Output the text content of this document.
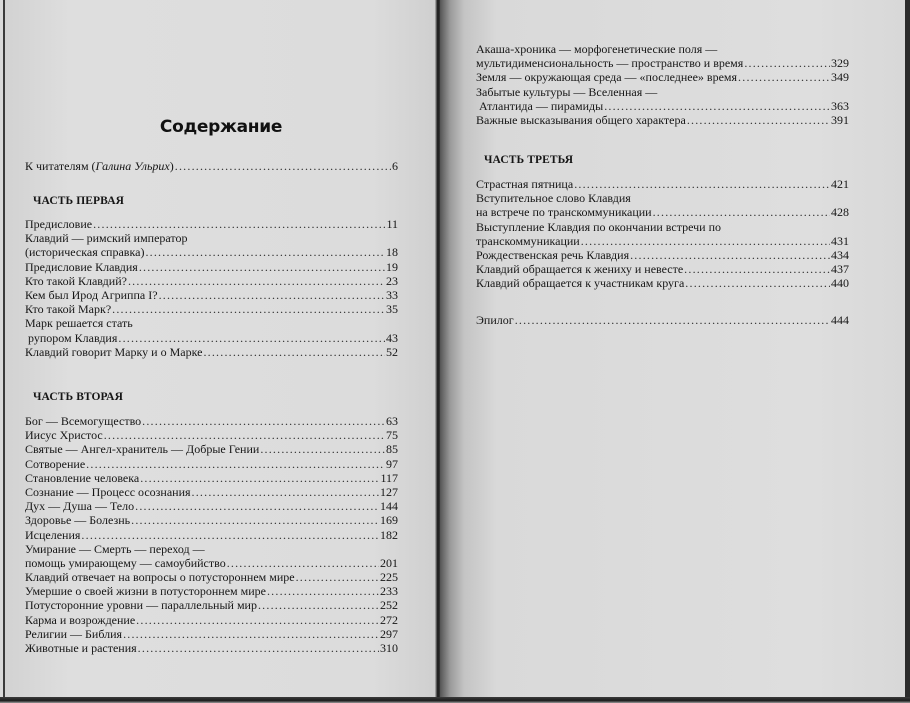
Содержание
К читателям (Галина Ульрих) .....	6
ЧАСТЬ ПЕРВАЯ
Предисловие .....	11
Клавдий — римский император
(историческая справка) .....	18
Предисловие Клавдия .....	19
Кто такой Клавдий? .....	23
Кем был Ирод Агриппа I? .....	33
Кто такой Марк? .....	35
Марк решается стать
рупором Клавдия .....	43
Клавдий говорит Марку и о Марке .....	52
ЧАСТЬ ВТОРАЯ
Бог — Всемогущество .....	63
Иисус Христос .....	75
Святые — Ангел-хранитель — Добрые Гении .....	85
Сотворение .....	97
Становление человека .....	117
Сознание — Процесс осознания .....	127
Дух — Душа — Тело .....	144
Здоровье — Болезнь .....	169
Исцеления .....	182
Умирание — Смерть — переход —
помощь умирающему — самоубийство .....	201
Клавдий отвечает на вопросы о потустороннем мире .....	225
Умершие о своей жизни в потустороннем мире .....	233
Потусторонние уровни — параллельный мир .....	252
Карма и возрождение .....	272
Религии — Библия .....	297
Животные и растения .....	310
Акаша-хроника — морфогенетические поля —
мультидименсиональность — пространство и время .....	329
Земля — окружающая среда — «последнее» время .....	349
Забытые культуры — Вселенная —
Атлантида — пирамиды .....	363
Важные высказывания общего характера .....	391
ЧАСТЬ ТРЕТЬЯ
Страстная пятница .....	421
Вступительное слово Клавдия
на встрече по транскоммуникации .....	428
Выступление Клавдия по окончании встречи по
транскоммуникации .....	431
Рождественская речь Клавдия .....	434
Клавдий обращается к жениху и невесте .....	437
Клавдий обращается к участникам круга .....	440
Эпилог .....	444
